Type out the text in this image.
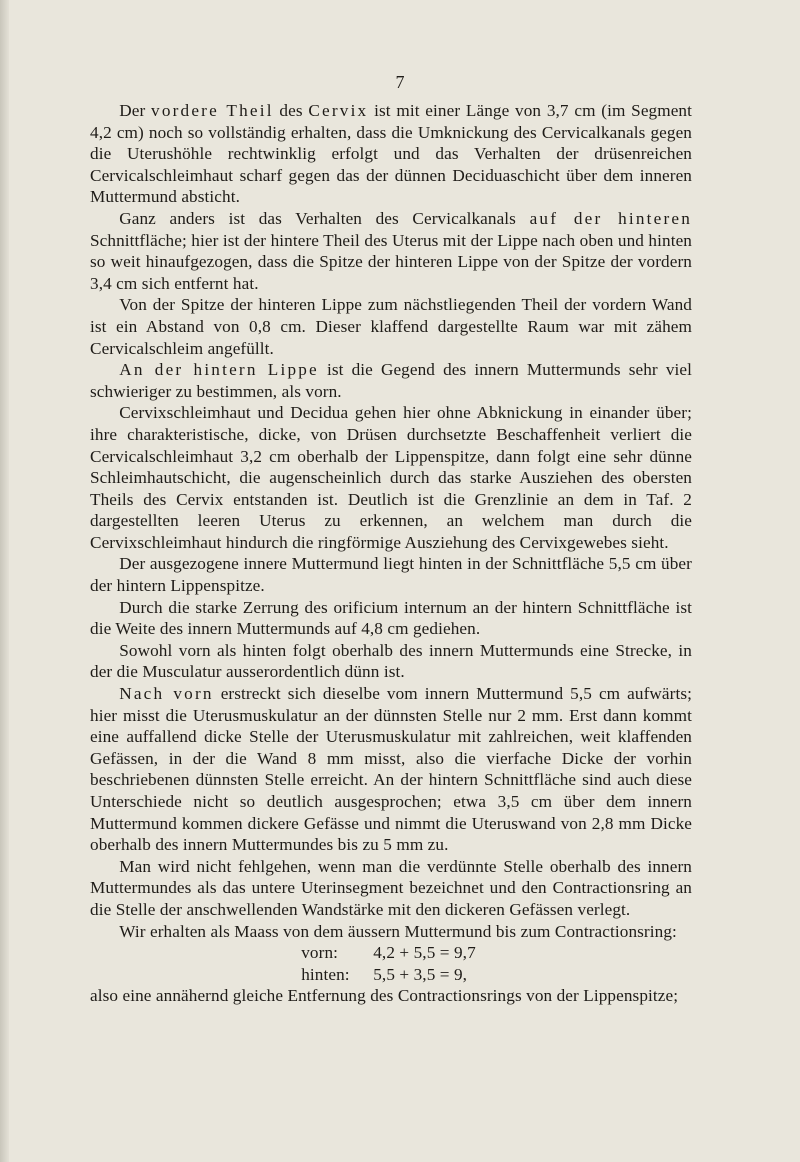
7

Der vordere Theil des Cervix ist mit einer Länge von 3,7 cm (im Segment 4,2 cm) noch so vollständig erhalten, dass die Umknickung des Cervicalkanals gegen die Uterushöhle rechtwinklig erfolgt und das Verhalten der drüsenreichen Cervicalschleimhaut scharf gegen das der dünnen Deciduaschicht über dem inneren Muttermund absticht.

Ganz anders ist das Verhalten des Cervicalkanals auf der hinteren Schnittfläche; hier ist der hintere Theil des Uterus mit der Lippe nach oben und hinten so weit hinaufgezogen, dass die Spitze der hinteren Lippe von der Spitze der vordern 3,4 cm sich entfernt hat.

Von der Spitze der hinteren Lippe zum nächstliegenden Theil der vordern Wand ist ein Abstand von 0,8 cm. Dieser klaffend dargestellte Raum war mit zähem Cervicalschleim angefüllt.

An der hintern Lippe ist die Gegend des innern Muttermunds sehr viel schwieriger zu bestimmen, als vorn.

Cervixschleimhaut und Decidua gehen hier ohne Abknickung in einander über; ihre charakteristische, dicke, von Drüsen durchsetzte Beschaffenheit verliert die Cervicalschleimhaut 3,2 cm oberhalb der Lippenspitze, dann folgt eine sehr dünne Schleimhautschicht, die augenscheinlich durch das starke Ausziehen des obersten Theils des Cervix entstanden ist. Deutlich ist die Grenzlinie an dem in Taf. 2 dargestellten leeren Uterus zu erkennen, an welchem man durch die Cervixschleimhaut hindurch die ringförmige Ausziehung des Cervixgewebes sieht.

Der ausgezogene innere Muttermund liegt hinten in der Schnittfläche 5,5 cm über der hintern Lippenspitze.

Durch die starke Zerrung des orificium internum an der hintern Schnittfläche ist die Weite des innern Muttermunds auf 4,8 cm gediehen.

Sowohl vorn als hinten folgt oberhalb des innern Muttermunds eine Strecke, in der die Musculatur ausserordentlich dünn ist.

Nach vorn erstreckt sich dieselbe vom innern Muttermund 5,5 cm aufwärts; hier misst die Uterusmuskulatur an der dünnsten Stelle nur 2 mm. Erst dann kommt eine auffallend dicke Stelle der Uterusmuskulatur mit zahlreichen, weit klaffenden Gefässen, in der die Wand 8 mm misst, also die vierfache Dicke der vorhin beschriebenen dünnsten Stelle erreicht. An der hintern Schnittfläche sind auch diese Unterschiede nicht so deutlich ausgesprochen; etwa 3,5 cm über dem innern Muttermund kommen dickere Gefässe und nimmt die Uteruswand von 2,8 mm Dicke oberhalb des innern Muttermundes bis zu 5 mm zu.

Man wird nicht fehlgehen, wenn man die verdünnte Stelle oberhalb des innern Muttermundes als das untere Uterinsegment bezeichnet und den Contractionsring an die Stelle der anschwellenden Wandstärke mit den dickeren Gefässen verlegt.

Wir erhalten als Maass von dem äussern Muttermund bis zum Contractionsring:

vorn:	4,2 + 5,5 = 9,7

hinten:	5,5 + 3,5 = 9,

also eine annähernd gleiche Entfernung des Contractionsrings von der Lippenspitze;
